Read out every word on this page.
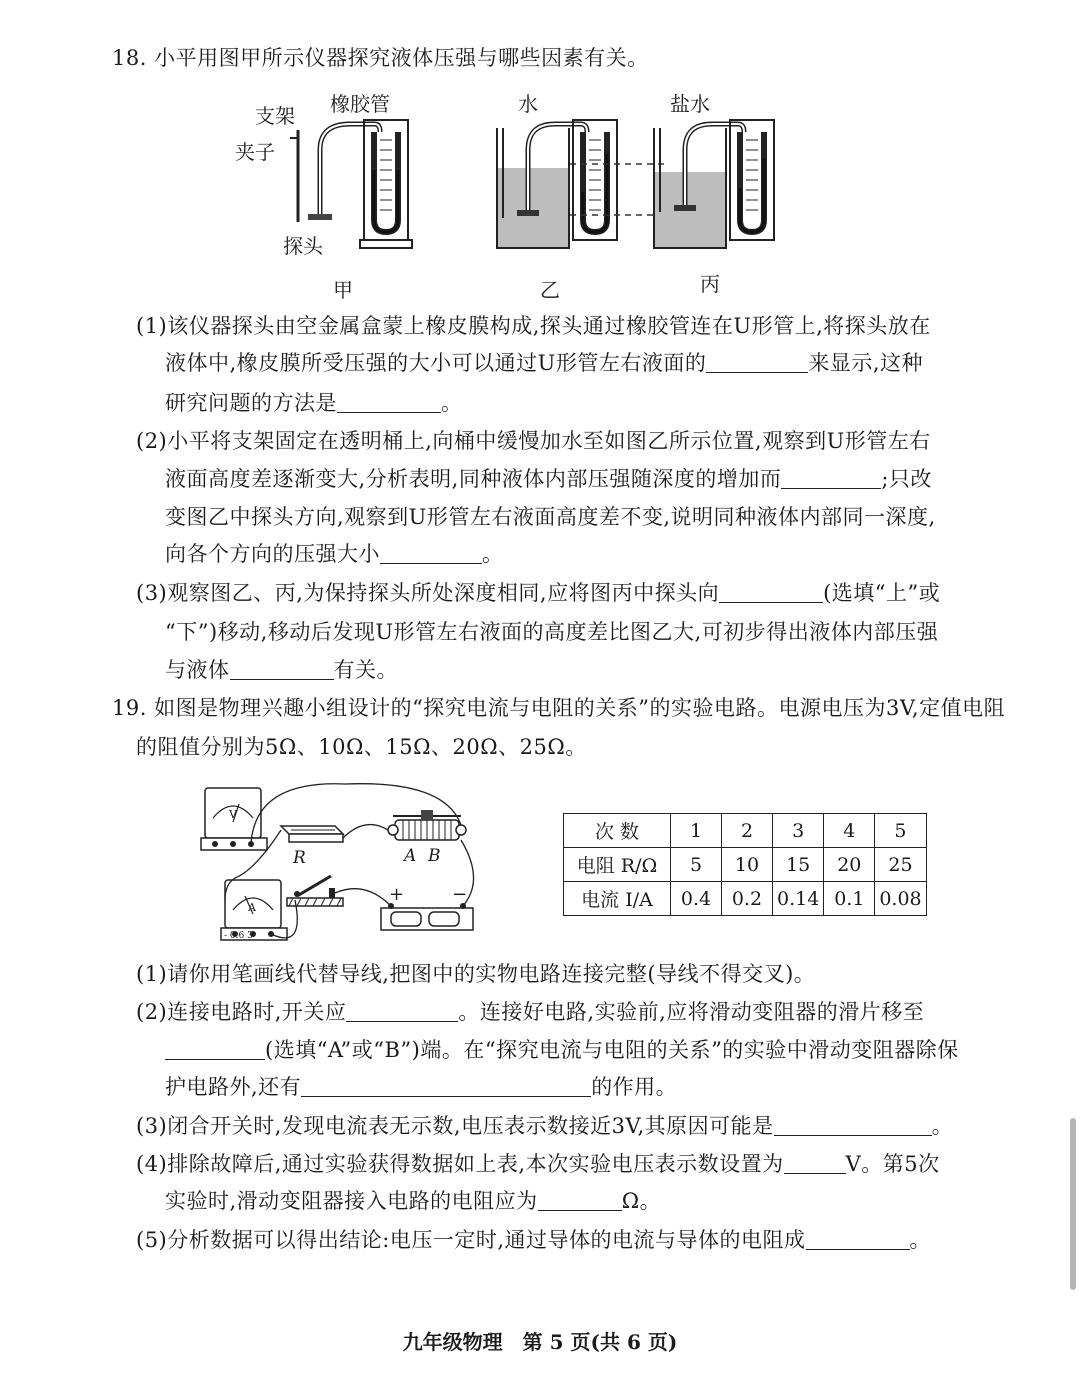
18. 小平用图甲所示仪器探究液体压强与哪些因素有关。
支架
夹子
橡胶管
探头
甲
水
乙
盐水
丙
(1)该仪器探头由空金属盒蒙上橡皮膜构成,探头通过橡胶管连在U形管上,将探头放在
液体中,橡皮膜所受压强的大小可以通过U形管左右液面的	来显示,这种
研究问题的方法是	。
(2)小平将支架固定在透明桶上,向桶中缓慢加水至如图乙所示位置,观察到U形管左右
液面高度差逐渐变大,分析表明,同种液体内部压强随深度的增加而	;只改
变图乙中探头方向,观察到U形管左右液面高度差不变,说明同种液体内部同一深度,
向各个方向的压强大小	。
(3)观察图乙、丙,为保持探头所处深度相同,应将图丙中探头向	(选填“上”或
“下”)移动,移动后发现U形管左右液面的高度差比图乙大,可初步得出液体内部压强
与液体	有关。
19. 如图是物理兴趣小组设计的“探究电流与电阻的关系”的实验电路。电源电压为3V,定值电阻
的阻值分别为5Ω、10Ω、15Ω、20Ω、25Ω。
V
A
- 0.6 3
R	A B
+	−
次 数	1	2	3	4	5
电阻 R/Ω	5	10	15	20	25
电流 I/A	0.4	0.2	0.14	0.1	0.08
(1)请你用笔画线代替导线,把图中的实物电路连接完整(导线不得交叉)。
(2)连接电路时,开关应	。连接好电路,实验前,应将滑动变阻器的滑片移至
(选填“A”或“B”)端。在“探究电流与电阻的关系”的实验中滑动变阻器除保
护电路外,还有	的作用。
(3)闭合开关时,发现电流表无示数,电压表示数接近3V,其原因可能是	。
(4)排除故障后,通过实验获得数据如上表,本次实验电压表示数设置为	V。第5次
实验时,滑动变阻器接入电路的电阻应为	Ω。
(5)分析数据可以得出结论:电压一定时,通过导体的电流与导体的电阻成	。
九年级物理　第 5 页(共 6 页)
